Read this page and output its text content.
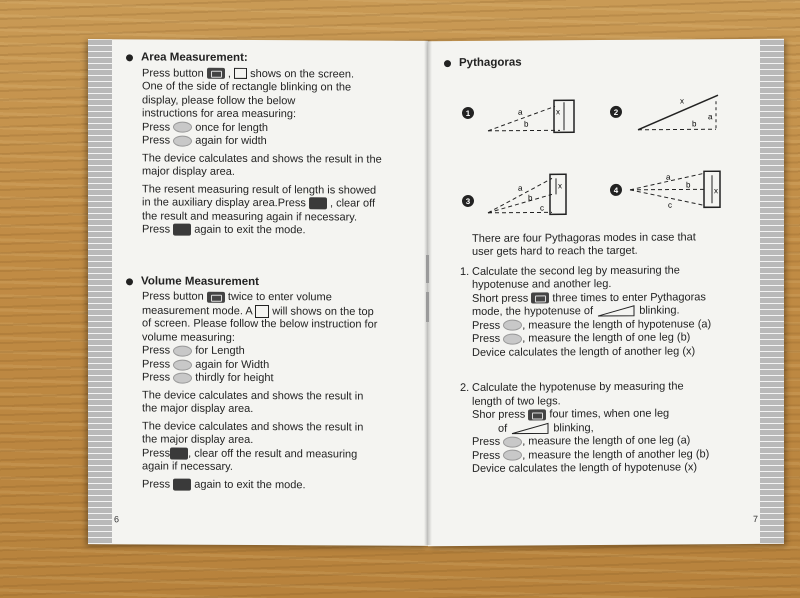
Area Measurement:

Press button , shows on the screen.
One of the side of rectangle blinking on the
display, please follow the below
instructions for area measuring:
Press once for length
Press again for width

The device calculates and shows the result in the
major display area.

The resent measuring result of length is showed
in the auxiliary display area.Press , clear off
the result and measuring again if necessary.
Press again to exit the mode.

Volume Measurement

Press button twice to enter volume
measurement mode. A will shows on the top
of screen. Please follow the below instruction for
volume measuring:
Press for Length
Press again for Width
Press thirdly for height

The device calculates and shows the result in
the major display area.

The device calculates and shows the result in
the major display area.
Press , clear off the result and measuring
again if necessary.

Press again to exit the mode.

6
Pythagoras
1	a
b
x	2
x
a
b
3
a
b
c
x
4
a
b
c
x

There are four Pythagoras modes in case that
user gets hard to reach the target.

1. Calculate the second leg by measuring the
hypotenuse and another leg.
Short press three times to enter Pythagoras
mode, the hypotenuse of	blinking.
Press , measure the length of hypotenuse (a)
Press , measure the length of one leg (b)
Device calculates the length of another leg (x)
2. Calculate the hypotenuse by measuring the
length of two legs.
Shor press four times, when one leg
of	blinking,
Press , measure the length of one leg (a)
Press , measure the length of another leg (b)
Device calculates the length of hypotenuse (x)
7
